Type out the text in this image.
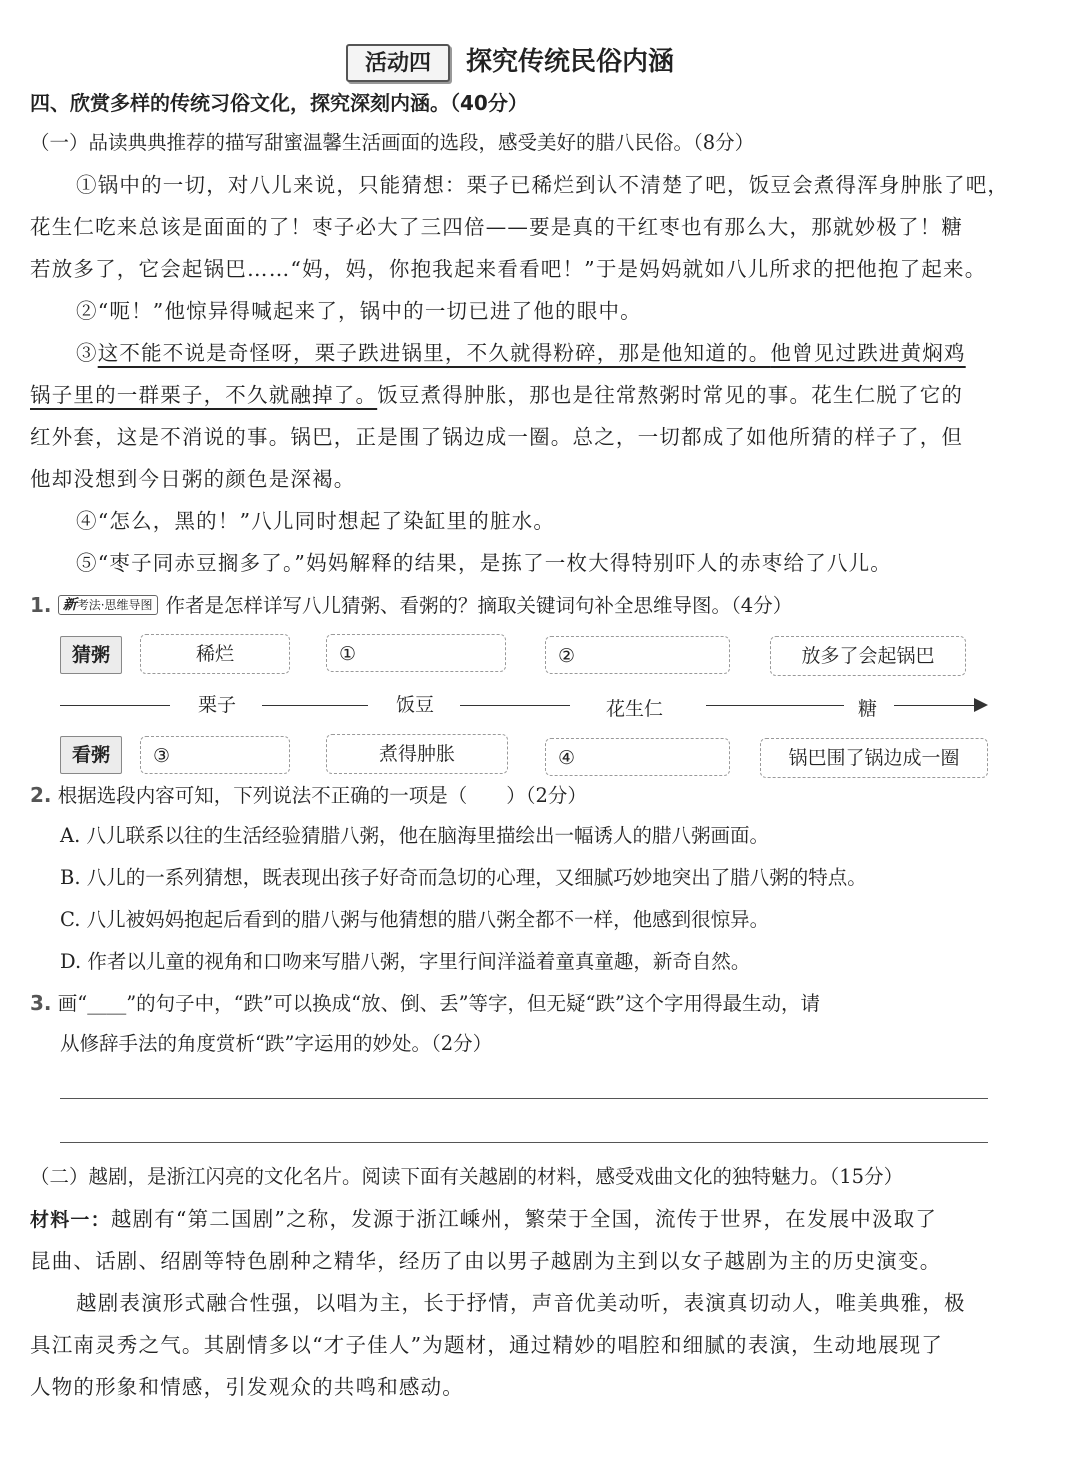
活动四	探究传统民俗内涵
四、欣赏多样的传统习俗文化，探究深刻内涵。（40分）
（一）品读典典推荐的描写甜蜜温馨生活画面的选段，感受美好的腊八民俗。（8分）
①锅中的一切，对八儿来说，只能猜想：栗子已稀烂到认不清楚了吧，饭豆会煮得浑身肿胀了吧，
花生仁吃来总该是面面的了！枣子必大了三四倍——要是真的干红枣也有那么大，那就妙极了！糖
若放多了，它会起锅巴……“妈，妈，你抱我起来看看吧！”于是妈妈就如八儿所求的把他抱了起来。
②“呃！”他惊异得喊起来了，锅中的一切已进了他的眼中。
③这不能不说是奇怪呀，栗子跌进锅里，不久就得粉碎，那是他知道的。他曾见过跌进黄焖鸡
锅子里的一群栗子，不久就融掉了。饭豆煮得肿胀，那也是往常熬粥时常见的事。花生仁脱了它的
红外套，这是不消说的事。锅巴，正是围了锅边成一圈。总之，一切都成了如他所猜的样子了，但
他却没想到今日粥的颜色是深褐。
④“怎么，黑的！”八儿同时想起了染缸里的脏水。
⑤“枣子同赤豆搁多了。”妈妈解释的结果，是拣了一枚大得特别吓人的赤枣给了八儿。
1. 新考法·思维导图 作者是怎样详写八儿猜粥、看粥的？摘取关键词句补全思维导图。（4分）
猜粥	稀烂	①	②	放多了会起锅巴
栗子	饭豆	花生仁	糖
看粥	③	煮得肿胀	④	锅巴围了锅边成一圈
2. 根据选段内容可知，下列说法不正确的一项是（　　）（2分）
A. 八儿联系以往的生活经验猜腊八粥，他在脑海里描绘出一幅诱人的腊八粥画面。
B. 八儿的一系列猜想，既表现出孩子好奇而急切的心理，又细腻巧妙地突出了腊八粥的特点。
C. 八儿被妈妈抱起后看到的腊八粥与他猜想的腊八粥全都不一样，他感到很惊异。
D. 作者以儿童的视角和口吻来写腊八粥，字里行间洋溢着童真童趣，新奇自然。
3. 画“____”的句子中，“跌”可以换成“放、倒、丢”等字，但无疑“跌”这个字用得最生动，请
从修辞手法的角度赏析“跌”字运用的妙处。（2分）
（二）越剧，是浙江闪亮的文化名片。阅读下面有关越剧的材料，感受戏曲文化的独特魅力。（15分）
材料一：越剧有“第二国剧”之称，发源于浙江嵊州，繁荣于全国，流传于世界，在发展中汲取了
昆曲、话剧、绍剧等特色剧种之精华，经历了由以男子越剧为主到以女子越剧为主的历史演变。
越剧表演形式融合性强，以唱为主，长于抒情，声音优美动听，表演真切动人，唯美典雅，极
具江南灵秀之气。其剧情多以“才子佳人”为题材，通过精妙的唱腔和细腻的表演，生动地展现了
人物的形象和情感，引发观众的共鸣和感动。
